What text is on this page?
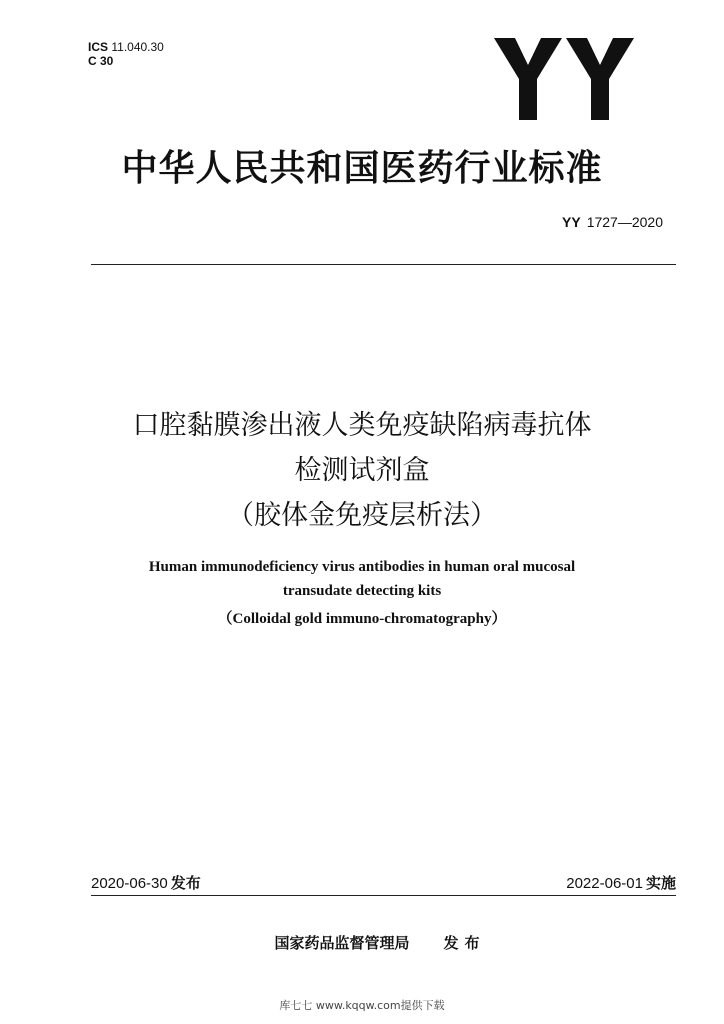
ICS 11.040.30
C 30
中华人民共和国医药行业标准
YY 1727—2020
口腔黏膜渗出液人类免疫缺陷病毒抗体
检测试剂盒
（胶体金免疫层析法）
Human immunodeficiency virus antibodies in human oral mucosal
transudate detecting kits
（Colloidal gold immuno-chromatography）
2020-06-30 发布	2022-06-01 实施
国家药品监督管理局 发布
库七七 www.kqqw.com提供下载
